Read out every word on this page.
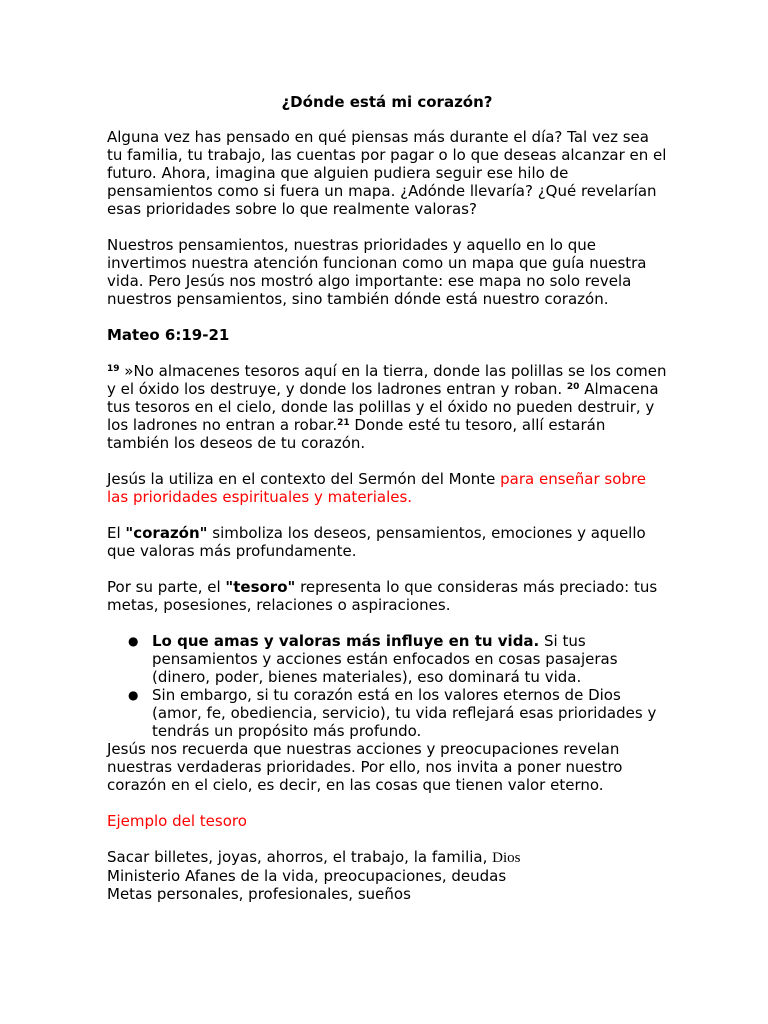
¿Dónde está mi corazón?

Alguna vez has pensado en qué piensas más durante el día? Tal vez sea tu familia, tu trabajo, las cuentas por pagar o lo que deseas alcanzar en el futuro. Ahora, imagina que alguien pudiera seguir ese hilo de pensamientos como si fuera un mapa. ¿Adónde llevaría? ¿Qué revelarían esas prioridades sobre lo que realmente valoras?

Nuestros pensamientos, nuestras prioridades y aquello en lo que invertimos nuestra atención funcionan como un mapa que guía nuestra vida. Pero Jesús nos mostró algo importante: ese mapa no solo revela nuestros pensamientos, sino también dónde está nuestro corazón.

Mateo 6:19-21

$^{19}$ »No almacenes tesoros aquí en la tierra, donde las polillas se los comen y el óxido los destruye, y donde los ladrones entran y roban. $^{20}$ Almacena tus tesoros en el cielo, donde las polillas y el óxido no pueden destruir, y los ladrones no entran a robar.$^{21}$ Donde esté tu tesoro, allí estarán también los deseos de tu corazón.

Jesús la utiliza en el contexto del Sermón del Monte para enseñar sobre las prioridades espirituales y materiales.

El "corazón" simboliza los deseos, pensamientos, emociones y aquello que valoras más profundamente.

Por su parte, el "tesoro" representa lo que consideras más preciado: tus metas, posesiones, relaciones o aspiraciones.

● Lo que amas y valoras más influye en tu vida. Si tus pensamientos y acciones están enfocados en cosas pasajeras (dinero, poder, bienes materiales), eso dominará tu vida.
● Sin embargo, si tu corazón está en los valores eternos de Dios (amor, fe, obediencia, servicio), tu vida reflejará esas prioridades y tendrás un propósito más profundo.

Jesús nos recuerda que nuestras acciones y preocupaciones revelan nuestras verdaderas prioridades. Por ello, nos invita a poner nuestro corazón en el cielo, es decir, en las cosas que tienen valor eterno.

Ejemplo del tesoro

Sacar billetes, joyas, ahorros, el trabajo, la familia, Dios

Ministerio Afanes de la vida, preocupaciones, deudas

Metas personales, profesionales, sueños
